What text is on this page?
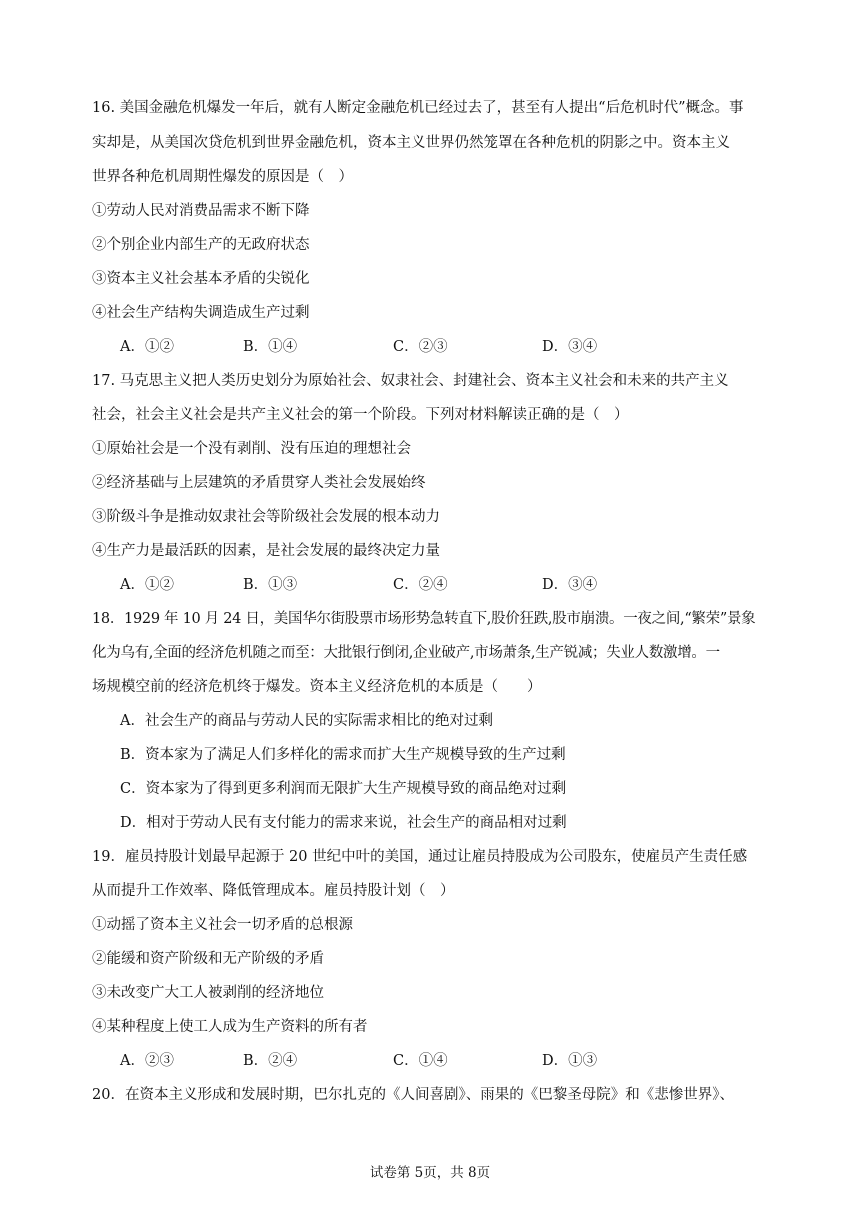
16. 美国金融危机爆发一年后，就有人断定金融危机已经过去了，甚至有人提出“后危机时代”概念。事
实却是，从美国次贷危机到世界金融危机，资本主义世界仍然笼罩在各种危机的阴影之中。资本主义
世界各种危机周期性爆发的原因是（　）
①劳动人民对消费品需求不断下降
②个别企业内部生产的无政府状态
③资本主义社会基本矛盾的尖锐化
④社会生产结构失调造成生产过剩
A．①②	B．①④	C．②③	D．③④
17. 马克思主义把人类历史划分为原始社会、奴隶社会、封建社会、资本主义社会和未来的共产主义
社会，社会主义社会是共产主义社会的第一个阶段。下列对材料解读正确的是（　）
①原始社会是一个没有剥削、没有压迫的理想社会
②经济基础与上层建筑的矛盾贯穿人类社会发展始终
③阶级斗争是推动奴隶社会等阶级社会发展的根本动力
④生产力是最活跃的因素，是社会发展的最终决定力量
A．①②	B．①③	C．②④	D．③④
18．1929 年 10 月 24 日，美国华尔街股票市场形势急转直下,股价狂跌,股市崩溃。一夜之间,“繁荣”景象
化为乌有,全面的经济危机随之而至：大批银行倒闭,企业破产,市场萧条,生产锐减；失业人数激增。一
场规模空前的经济危机终于爆发。资本主义经济危机的本质是（　　）
A．社会生产的商品与劳动人民的实际需求相比的绝对过剩
B．资本家为了满足人们多样化的需求而扩大生产规模导致的生产过剩
C．资本家为了得到更多利润而无限扩大生产规模导致的商品绝对过剩
D．相对于劳动人民有支付能力的需求来说，社会生产的商品相对过剩
19．雇员持股计划最早起源于 20 世纪中叶的美国，通过让雇员持股成为公司股东，使雇员产生责任感
从而提升工作效率、降低管理成本。雇员持股计划（　）
①动摇了资本主义社会一切矛盾的总根源
②能缓和资产阶级和无产阶级的矛盾
③未改变广大工人被剥削的经济地位
④某种程度上使工人成为生产资料的所有者
A．②③	B．②④	C．①④	D．①③
20．在资本主义形成和发展时期，巴尔扎克的《人间喜剧》、雨果的《巴黎圣母院》和《悲惨世界》、
试卷第 5页，共 8页
